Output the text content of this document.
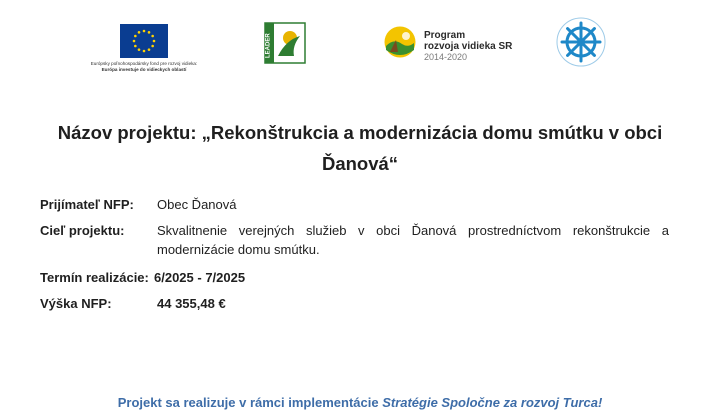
Európsky poľnohospodársky fond pre rozvoj vidieka:
Európa investuje do vidieckych oblastí
LEADER	Program
rozvoja vidieka SR
2014-2020
Názov projektu: „Rekonštrukcia a modernizácia domu smútku v obci Ďanová“
Prijímateľ NFP: Obec Ďanová
Cieľ projektu:	Skvalitnenie verejných služieb v obci Ďanová prostredníctvom rekonštrukcie a modernizácie domu smútku.
Termín realizácie: 6/2025 - 7/2025
Výška NFP:	44 355,48 €
Projekt sa realizuje v rámci implementácie Stratégie Spoločne za rozvoj Turca!
